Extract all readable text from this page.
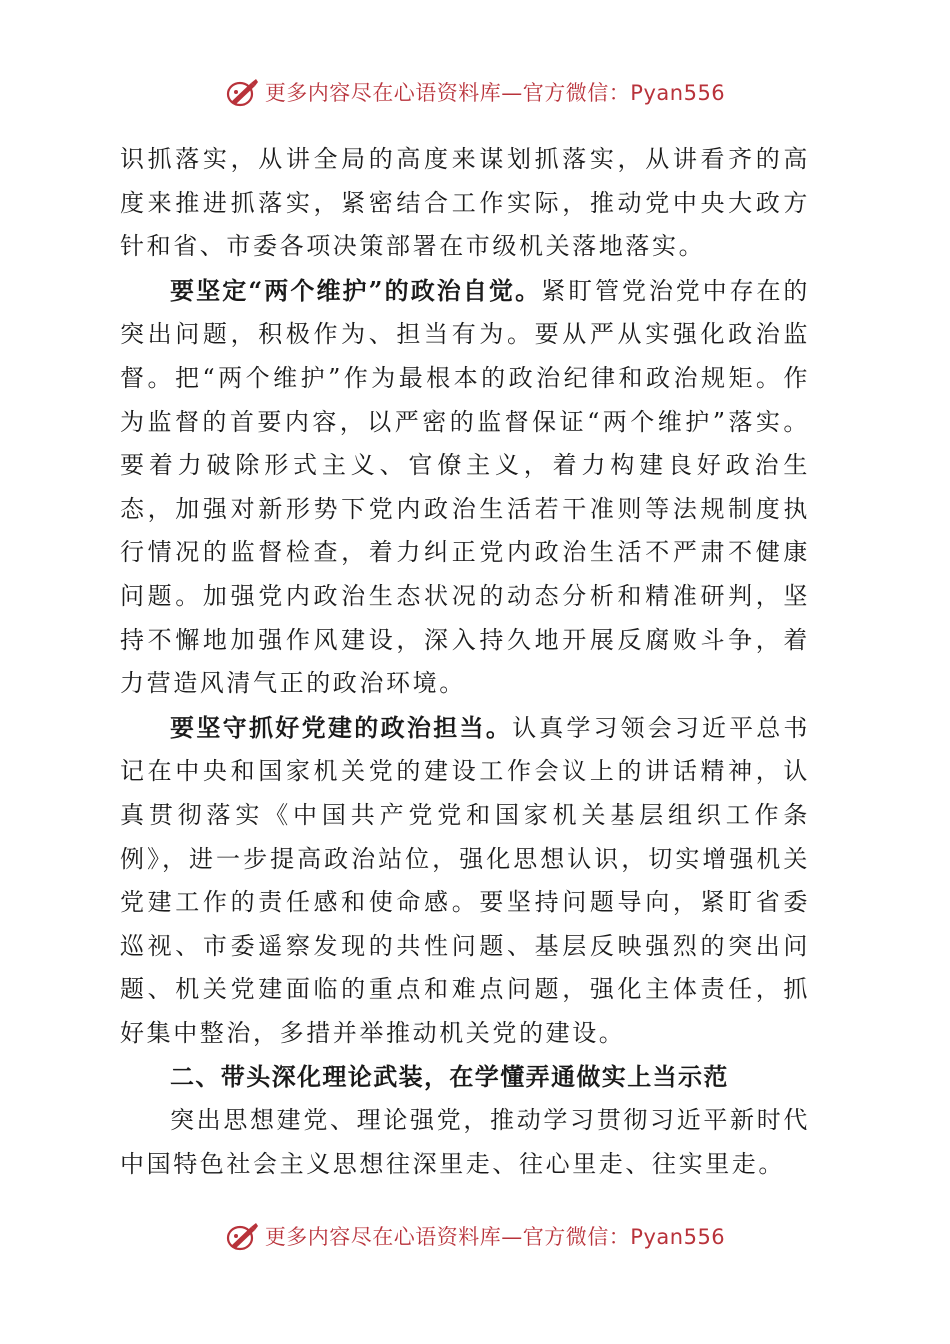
更多内容尽在心语资料库—官方微信：Pyan556

识抓落实，从讲全局的高度来谋划抓落实，从讲看齐的高度来推进抓落实，紧密结合工作实际，推动党中央大政方针和省、市委各项决策部署在市级机关落地落实。

要坚定“两个维护”的政治自觉。紧盯管党治党中存在的突出问题，积极作为、担当有为。要从严从实强化政治监督。把“两个维护”作为最根本的政治纪律和政治规矩。作为监督的首要内容，以严密的监督保证“两个维护”落实。要着力破除形式主义、官僚主义，着力构建良好政治生态，加强对新形势下党内政治生活若干准则等法规制度执行情况的监督检查，着力纠正党内政治生活不严肃不健康问题。加强党内政治生态状况的动态分析和精准研判，坚持不懈地加强作风建设，深入持久地开展反腐败斗争，着力营造风清气正的政治环境。

要坚守抓好党建的政治担当。认真学习领会习近平总书记在中央和国家机关党的建设工作会议上的讲话精神，认真贯彻落实《中国共产党党和国家机关基层组织工作条例》，进一步提高政治站位，强化思想认识，切实增强机关党建工作的责任感和使命感。要坚持问题导向，紧盯省委巡视、市委遥察发现的共性问题、基层反映强烈的突出问题、机关党建面临的重点和难点问题，强化主体责任，抓好集中整治，多措并举推动机关党的建设。

二、带头深化理论武装，在学懂弄通做实上当示范

突出思想建党、理论强党，推动学习贯彻习近平新时代中国特色社会主义思想往深里走、往心里走、往实里走。

更多内容尽在心语资料库—官方微信：Pyan556
